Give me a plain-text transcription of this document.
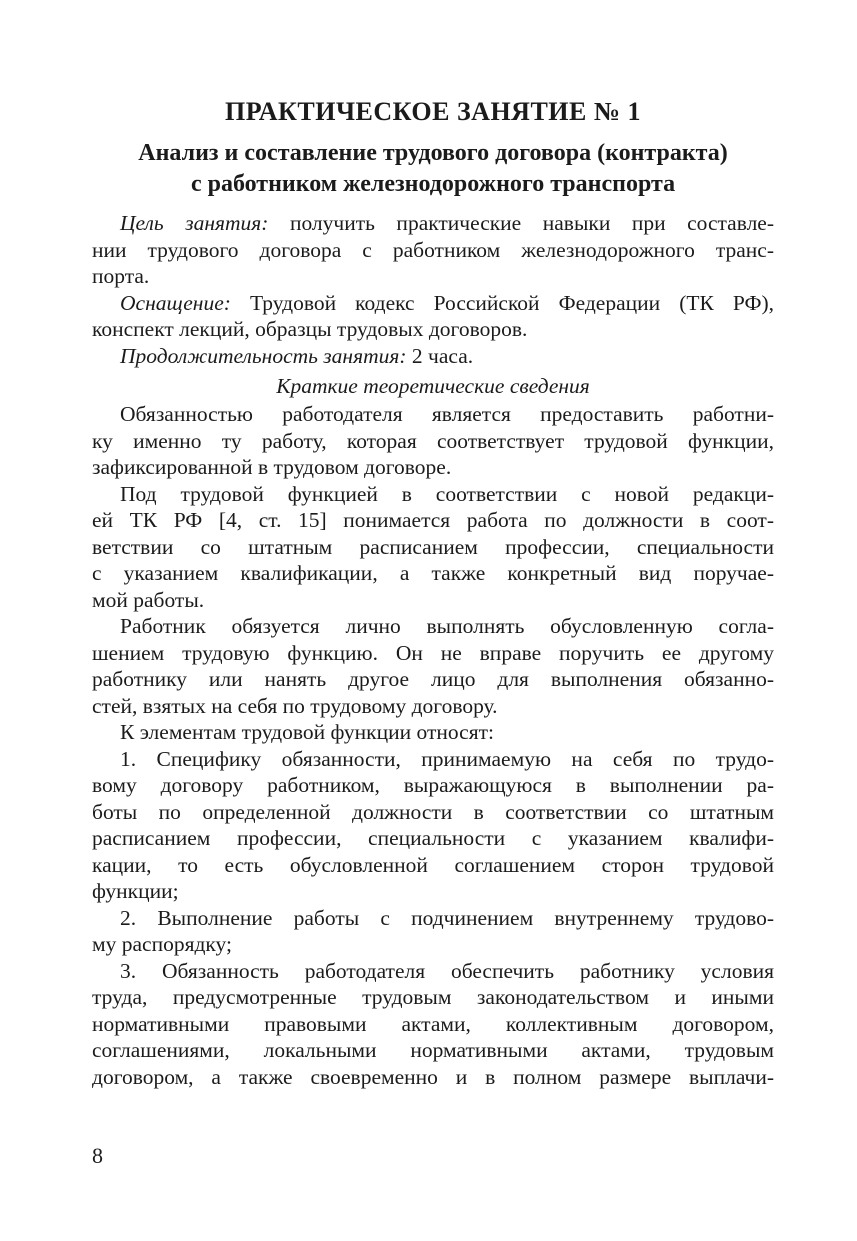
ПРАКТИЧЕСКОЕ ЗАНЯТИЕ № 1
Анализ и составление трудового договора (контракта)
с работником железнодорожного транспорта
Цель занятия: получить практические навыки при составле-
нии трудового договора с работником железнодорожного транс-
порта.
Оснащение: Трудовой кодекс Российской Федерации (ТК РФ),
конспект лекций, образцы трудовых договоров.
Продолжительность занятия: 2 часа.
Краткие теоретические сведения
Обязанностью работодателя является предоставить работни-
ку именно ту работу, которая соответствует трудовой функции,
зафиксированной в трудовом договоре.
Под трудовой функцией в соответствии с новой редакци-
ей ТК РФ [4, ст. 15] понимается работа по должности в соот-
ветствии со штатным расписанием профессии, специальности
с указанием квалификации, а также конкретный вид поручае-
мой работы.
Работник обязуется лично выполнять обусловленную согла-
шением трудовую функцию. Он не вправе поручить ее другому
работнику или нанять другое лицо для выполнения обязанно-
стей, взятых на себя по трудовому договору.
К элементам трудовой функции относят:
1. Специфику обязанности, принимаемую на себя по трудо-
вому договору работником, выражающуюся в выполнении ра-
боты по определенной должности в соответствии со штатным
расписанием профессии, специальности с указанием квалифи-
кации, то есть обусловленной соглашением сторон трудовой
функции;
2. Выполнение работы с подчинением внутреннему трудово-
му распорядку;
3. Обязанность работодателя обеспечить работнику условия
труда, предусмотренные трудовым законодательством и иными
нормативными правовыми актами, коллективным договором,
соглашениями, локальными нормативными актами, трудовым
договором, а также своевременно и в полном размере выплачи-
8
